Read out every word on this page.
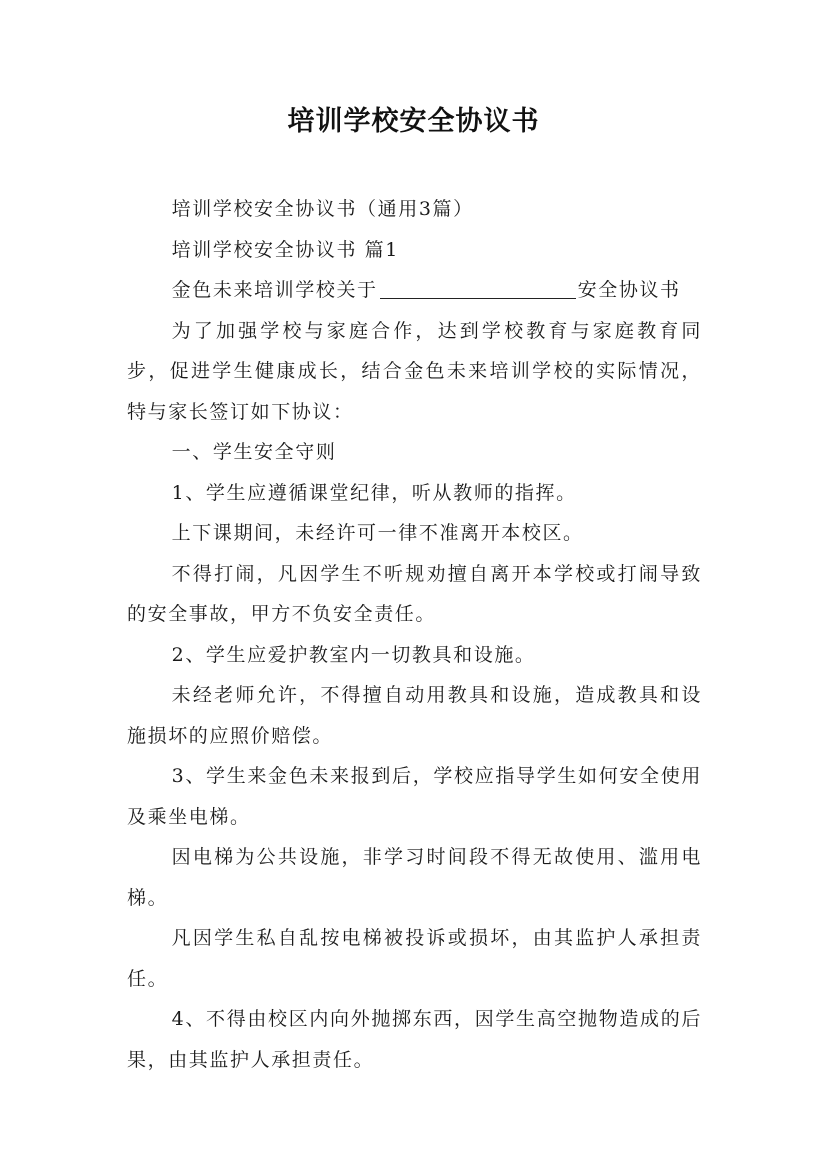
培训学校安全协议书

培训学校安全协议书（通用3篇）

培训学校安全协议书 篇1

金色未来培训学校关于	安全协议书

为了加强学校与家庭合作，达到学校教育与家庭教育同步，促进学生健康成长，结合金色未来培训学校的实际情况，特与家长签订如下协议：

一、学生安全守则

1、学生应遵循课堂纪律，听从教师的指挥。

上下课期间，未经许可一律不准离开本校区。

不得打闹，凡因学生不听规劝擅自离开本学校或打闹导致的安全事故，甲方不负安全责任。

2、学生应爱护教室内一切教具和设施。

未经老师允许，不得擅自动用教具和设施，造成教具和设施损坏的应照价赔偿。

3、学生来金色未来报到后，学校应指导学生如何安全使用及乘坐电梯。

因电梯为公共设施，非学习时间段不得无故使用、滥用电梯。

凡因学生私自乱按电梯被投诉或损坏，由其监护人承担责任。

4、不得由校区内向外抛掷东西，因学生高空抛物造成的后果，由其监护人承担责任。
